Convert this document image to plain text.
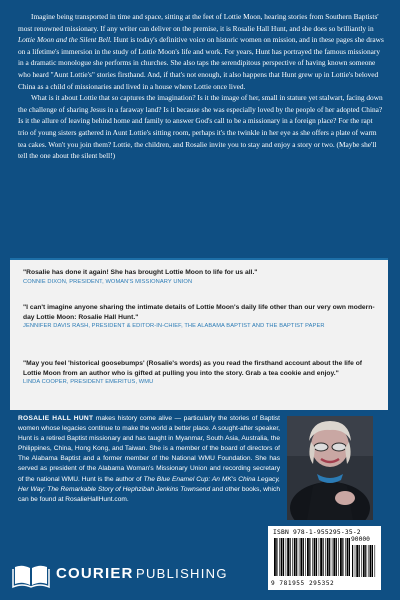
Imagine being transported in time and space, sitting at the feet of Lottie Moon, hearing stories from Southern Baptists' most renowned missionary. If any writer can deliver on the premise, it is Rosalie Hall Hunt, and she does so brilliantly in Lottie Moon and the Silent Bell. Hunt is today's definitive voice on historic women on mission, and in these pages she draws on a lifetime's immersion in the study of Lottie Moon's life and work. For years, Hunt has portrayed the famous missionary in a dramatic monologue she performs in churches. She also taps the serendipitous perspective of having known someone who heard "Aunt Lottie's" stories firsthand. And, if that's not enough, it also happens that Hunt grew up in Lottie's beloved China as a child of missionaries and lived in a house where Lottie once lived.

What is it about Lottie that so captures the imagination? Is it the image of her, small in stature yet stalwart, facing down the challenge of sharing Jesus in a faraway land? Is it because she was especially loved by the people of her adopted China? Is it the allure of leaving behind home and family to answer God's call to be a missionary in a foreign place? For the rapt trio of young sisters gathered in Aunt Lottie's sitting room, perhaps it's the twinkle in her eye as she offers a plate of warm tea cakes. Won't you join them? Lottie, the children, and Rosalie invite you to stay and enjoy a story or two. (Maybe she'll tell the one about the silent bell!)

"Rosalie has done it again! She has brought Lottie Moon to life for us all."
CONNIE DIXON, PRESIDENT, WOMAN'S MISSIONARY UNION
"I can't imagine anyone sharing the intimate details of Lottie Moon's daily life other than our very own modern-day Lottie Moon: Rosalie Hall Hunt."
JENNIFER DAVIS RASH, PRESIDENT & EDITOR-IN-CHIEF, THE ALABAMA BAPTIST AND THE BAPTIST PAPER
"May you feel 'historical goosebumps' (Rosalie's words) as you read the firsthand account about the life of Lottie Moon from an author who is gifted at pulling you into the story. Grab a tea cookie and enjoy."
LINDA COOPER, PRESIDENT EMERITUS, WMU

ROSALIE HALL HUNT makes history come alive — particularly the stories of Baptist women whose legacies continue to make the world a better place. A sought-after speaker, Hunt is a retired Baptist missionary and has taught in Myanmar, South Asia, Australia, the Philippines, China, Hong Kong, and Taiwan. She is a member of the board of directors of The Alabama Baptist and a former member of the National WMU Foundation. She has served as president of the Alabama Woman's Missionary Union and recording secretary of the national WMU. Hunt is the author of The Blue Enamel Cup: An MK's China Legacy, Her Way: The Remarkable Story of Hephzibah Jenkins Townsend and other books, which can be found at RosalieHallHunt.com.

COURIER PUBLISHING
ISBN 978-1-955295-35-2
90000
9 781955 295352
